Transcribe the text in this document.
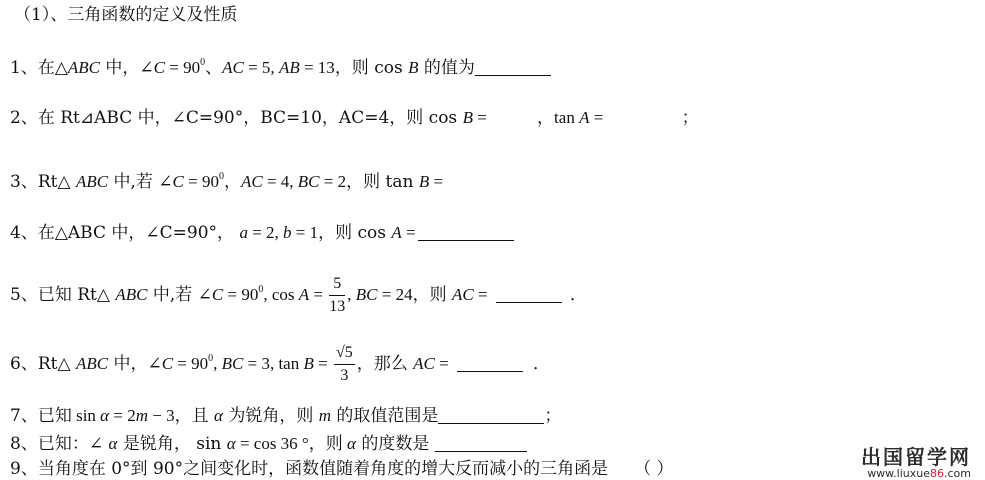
（1）、三角函数的定义及性质
1、在△ABC 中，∠C = $90^0$、AC = 5, AB = 13，则 cos B 的值为
2、在 Rt⊿ABC 中，∠C=90°，BC=10，AC=4，则 cos B =	，tan A =	；
3、Rt△ ABC 中,若 ∠C = $90^0$，AC = 4, BC = 2，则 tan B =
4、在△ABC 中，∠C=90°， a = 2, b = 1，则 cos A =
5、已知 Rt△ ABC 中,若 ∠C = $90^0$, $\cos A = \frac{5}{13}$ , BC = 24，则 AC =	．
6、Rt△ ABC 中，∠C = $90^0$, BC = 3, $\tan B = \frac{√5}{3}$ ，那么 AC =	．
7、已知 sin α = 2m − 3，且 α 为锐角，则 m 的取值范围是	；
8、已知：∠ α 是锐角， sin α = cos 36 °，则 α 的度数是
9、当角度在 0°到 90°之间变化时，函数值随着角度的增大反而减小的三角函是 （ ）	出国留学网
www.liuxue86.com
